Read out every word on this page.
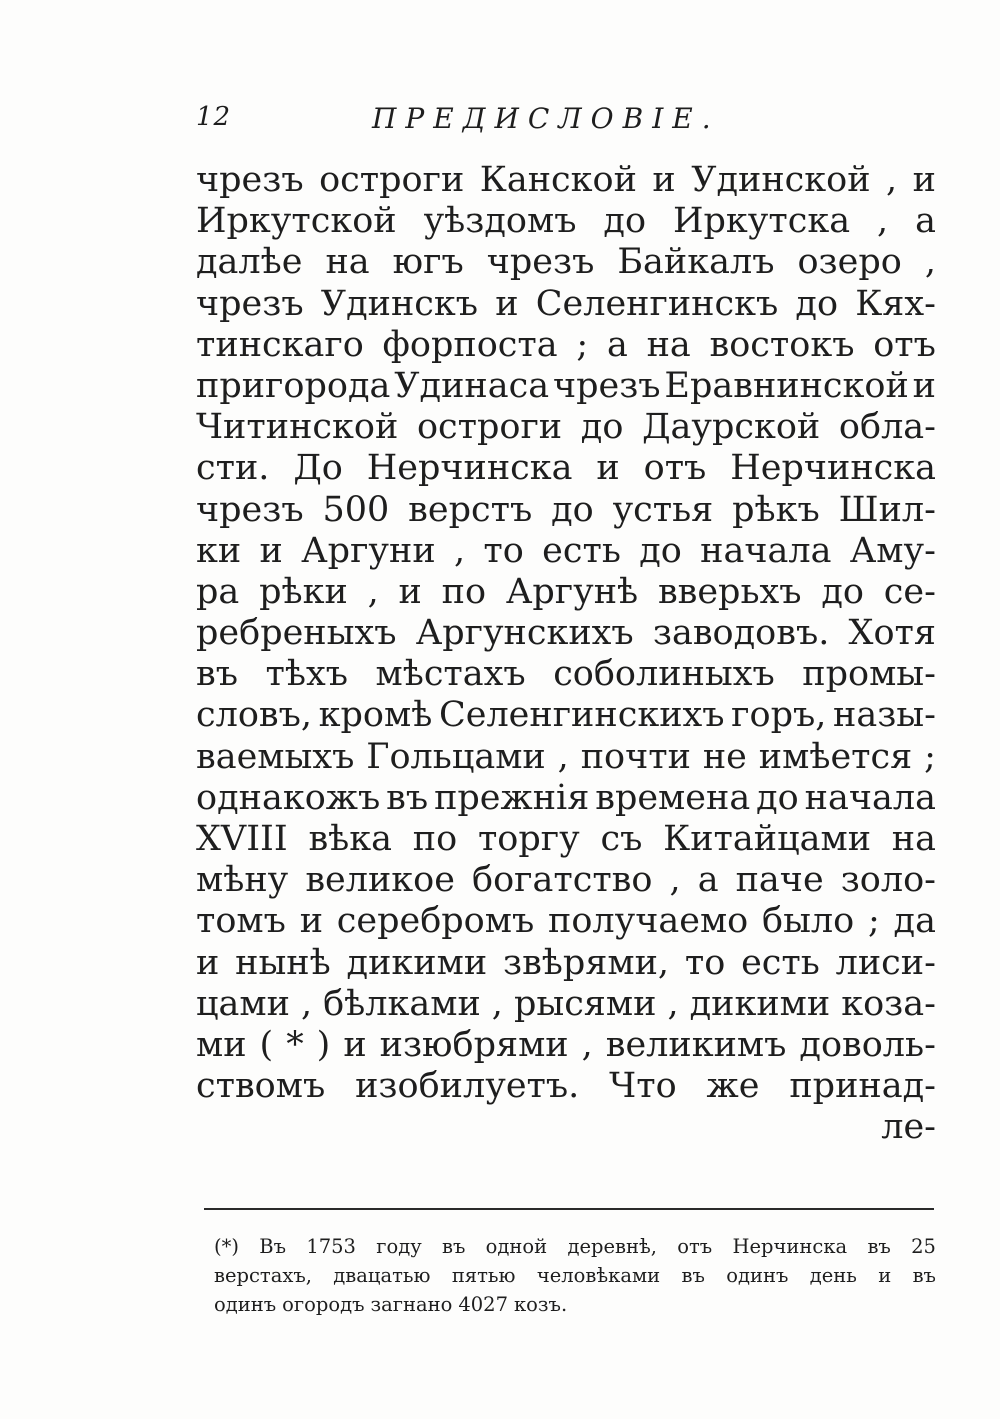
12	ПРЕДИСЛОВІЕ.
чрезъ остроги Канской и Удинской , и
Иркутской уѣздомъ до Иркутска , а
далѣе на югъ чрезъ Байкалъ озеро ,
чрезъ Удинскъ и Селенгинскъ до Кях-
тинскаго форпоста ; а на востокъ отъ
пригорода Удинаса чрезъ Еравнинской и
Читинской остроги до Даурской обла-
сти. До Нерчинска и отъ Нерчинска
чрезъ 500 верстъ до устья рѣкъ Шил-
ки и Аргуни , то есть до начала Аму-
ра рѣки , и по Аргунѣ вверьхъ до се-
ребреныхъ Аргунскихъ заводовъ. Хотя
въ тѣхъ мѣстахъ соболиныхъ промы-
словъ, кромѣ Селенгинскихъ горъ, назы-
ваемыхъ Гольцами , почти не имѣется ;
однакожъ въ прежнія времена до начала
XVIII вѣка по торгу съ Китайцами на
мѣну великое богатство , а паче золо-
томъ и серебромъ получаемо было ; да
и нынѣ дикими звѣрями, то есть лиси-
цами , бѣлками , рысями , дикими коза-
ми ( * ) и изюбрями , великимъ доволь-
ствомъ изобилуетъ. Что же принад-
ле-
(*) Въ 1753 году въ одной деревнѣ, отъ Нерчинска въ 25
верстахъ, двацатью пятью человѣками въ одинъ день и въ
одинъ огородъ загнано 4027 козъ.
